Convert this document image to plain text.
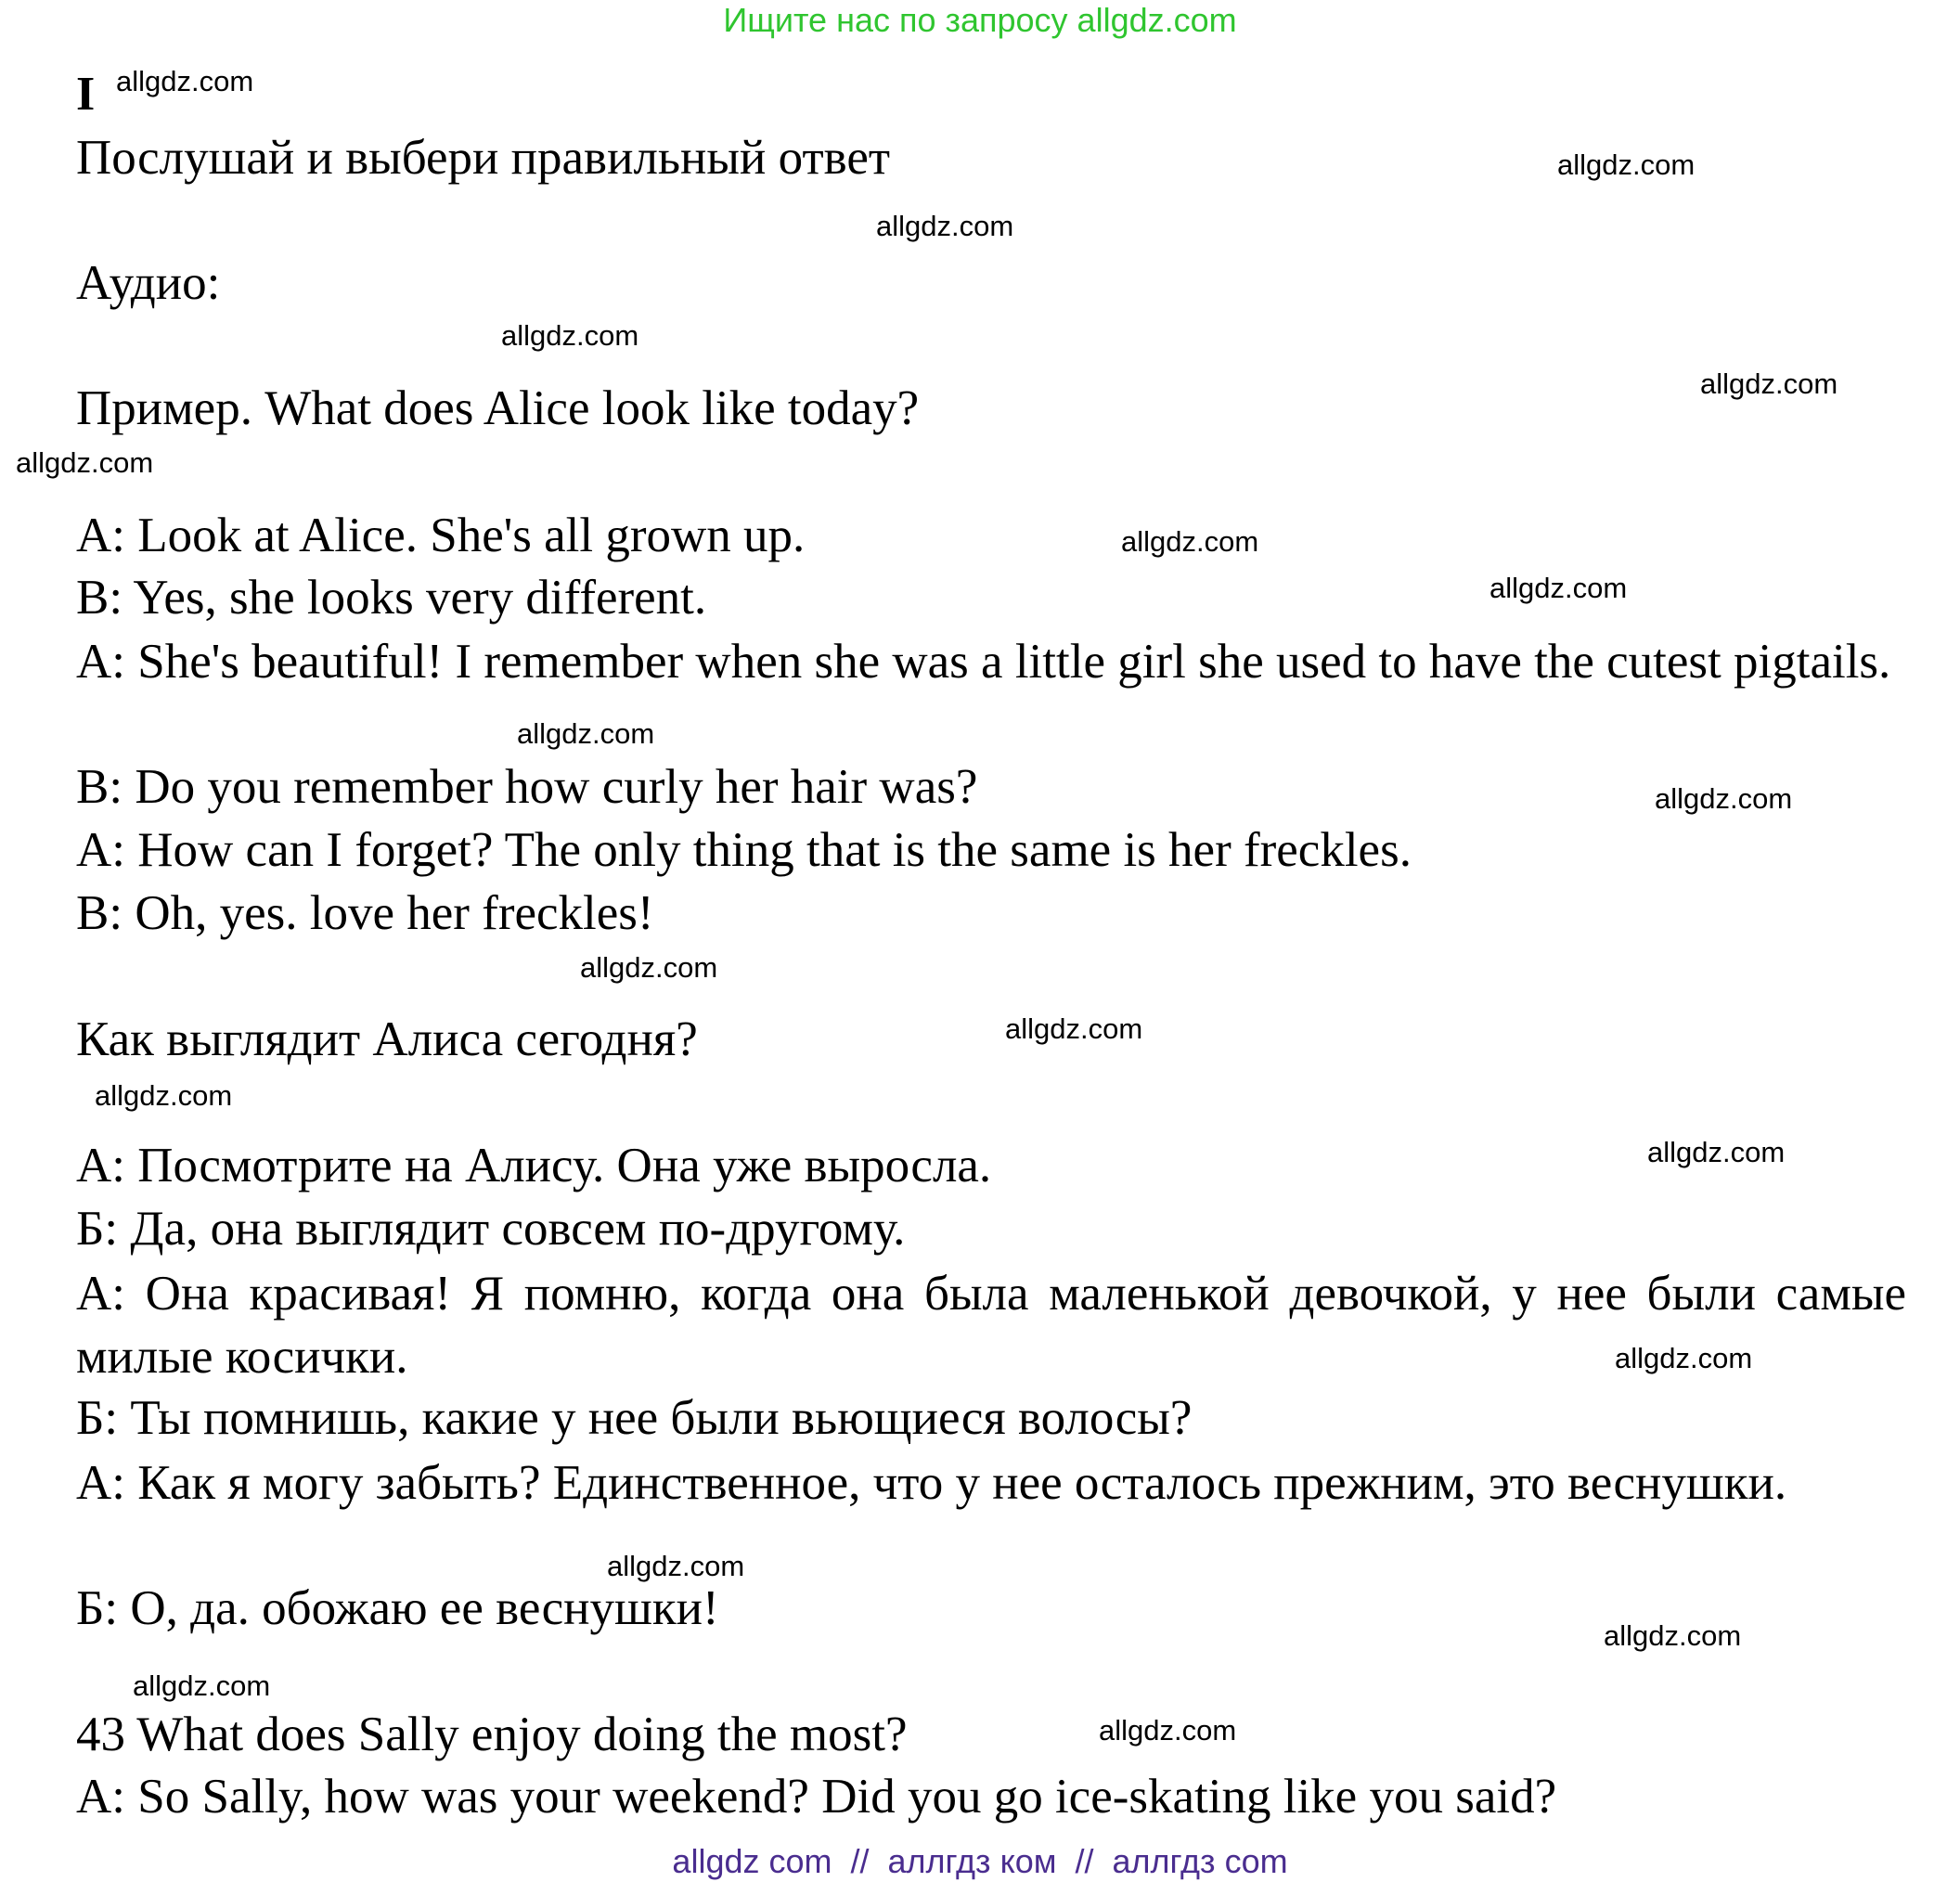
Ищите нас по запросу allgdz.com
I allgdz.com
Послушай и выбери правильный ответ	allgdz.com
allgdz.com
Аудио:
allgdz.com
Пример. What does Alice look like today?	allgdz.com
allgdz.com
A: Look at Alice. She's all grown up.	allgdz.com
B: Yes, she looks very different.	allgdz.com
A: She's beautiful! I remember when she was a little girl she used to have the cutest pigtails.
allgdz.com
B: Do you remember how curly her hair was?	allgdz.com
A: How can I forget? The only thing that is the same is her freckles.
B: Oh, yes. love her freckles!
allgdz.com
Как выглядит Алиса сегодня?	allgdz.com
allgdz.com
А: Посмотрите на Алису. Она уже выросла.	allgdz.com
Б: Да, она выглядит совсем по-другому.
А: Она красивая! Я помню, когда она была маленькой девочкой, у нее были самые милые косички.	allgdz.com
Б: Ты помнишь, какие у нее были вьющиеся волосы?
А: Как я могу забыть? Единственное, что у нее осталось прежним, это веснушки.
allgdz.com
Б: О, да. обожаю ее веснушки!
allgdz.com
allgdz.com
43 What does Sally enjoy doing the most?	allgdz.com
A: So Sally, how was your weekend? Did you go ice-skating like you said?
allgdz com  //  аллгдз ком  //  аллгдз com
